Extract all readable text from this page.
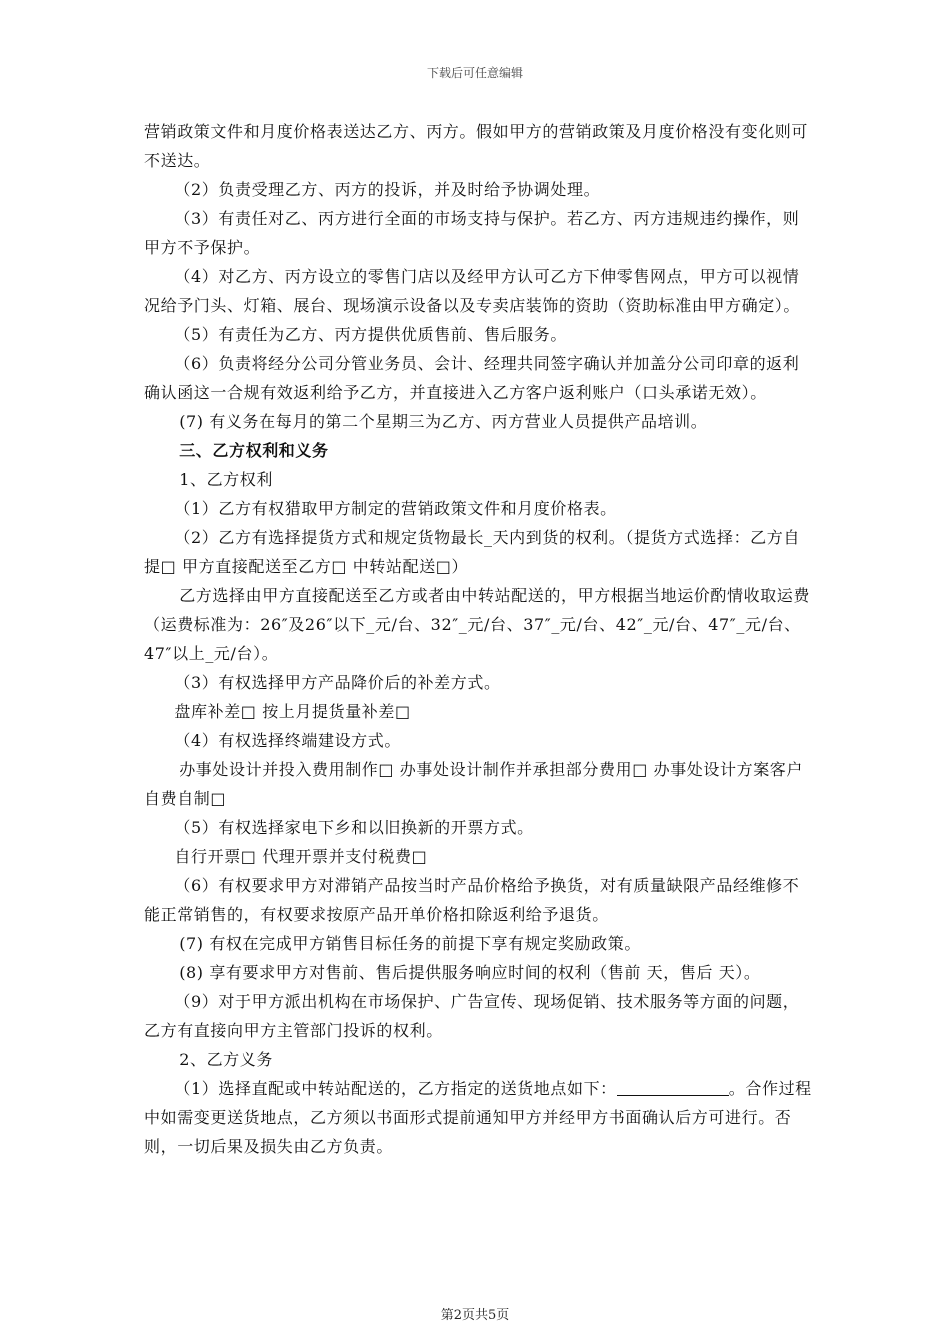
下载后可任意编辑

营销政策文件和月度价格表送达乙方、丙方。假如甲方的营销政策及月度价格没有变化则可不送达。

（2）负责受理乙方、丙方的投诉，并及时给予协调处理。

（3）有责任对乙、丙方进行全面的市场支持与保护。若乙方、丙方违规违约操作，则甲方不予保护。

（4）对乙方、丙方设立的零售门店以及经甲方认可乙方下伸零售网点，甲方可以视情况给予门头、灯箱、展台、现场演示设备以及专卖店装饰的资助（资助标准由甲方确定）。

（5）有责任为乙方、丙方提供优质售前、售后服务。

（6）负责将经分公司分管业务员、会计、经理共同签字确认并加盖分公司印章的返利确认函这一合规有效返利给予乙方，并直接进入乙方客户返利账户（口头承诺无效）。

(7) 有义务在每月的第二个星期三为乙方、丙方营业人员提供产品培训。

三、乙方权利和义务

1、乙方权利

（1）乙方有权猎取甲方制定的营销政策文件和月度价格表。

（2）乙方有选择提货方式和规定货物最长_天内到货的权利。（提货方式选择：乙方自提□ 甲方直接配送至乙方□ 中转站配送□）

乙方选择由甲方直接配送至乙方或者由中转站配送的，甲方根据当地运价酌情收取运费（运费标准为：26″及26″以下_元/台、32″_元/台、37″_元/台、42″_元/台、47″_元/台、47″以上_元/台）。

（3）有权选择甲方产品降价后的补差方式。

盘库补差□ 按上月提货量补差□

（4）有权选择终端建设方式。

办事处设计并投入费用制作□ 办事处设计制作并承担部分费用□ 办事处设计方案客户自费自制□

（5）有权选择家电下乡和以旧换新的开票方式。

自行开票□ 代理开票并支付税费□

（6）有权要求甲方对滞销产品按当时产品价格给予换货，对有质量缺限产品经维修不能正常销售的，有权要求按原产品开单价格扣除返利给予退货。

(7) 有权在完成甲方销售目标任务的前提下享有规定奖励政策。

(8) 享有要求甲方对售前、售后提供服务响应时间的权利（售前 天，售后 天）。

（9）对于甲方派出机构在市场保护、广告宣传、现场促销、技术服务等方面的问题，乙方有直接向甲方主管部门投诉的权利。

2、乙方义务

（1）选择直配或中转站配送的，乙方指定的送货地点如下：	。合作过程中如需变更送货地点，乙方须以书面形式提前通知甲方并经甲方书面确认后方可进行。否则，一切后果及损失由乙方负责。

第2页共5页
